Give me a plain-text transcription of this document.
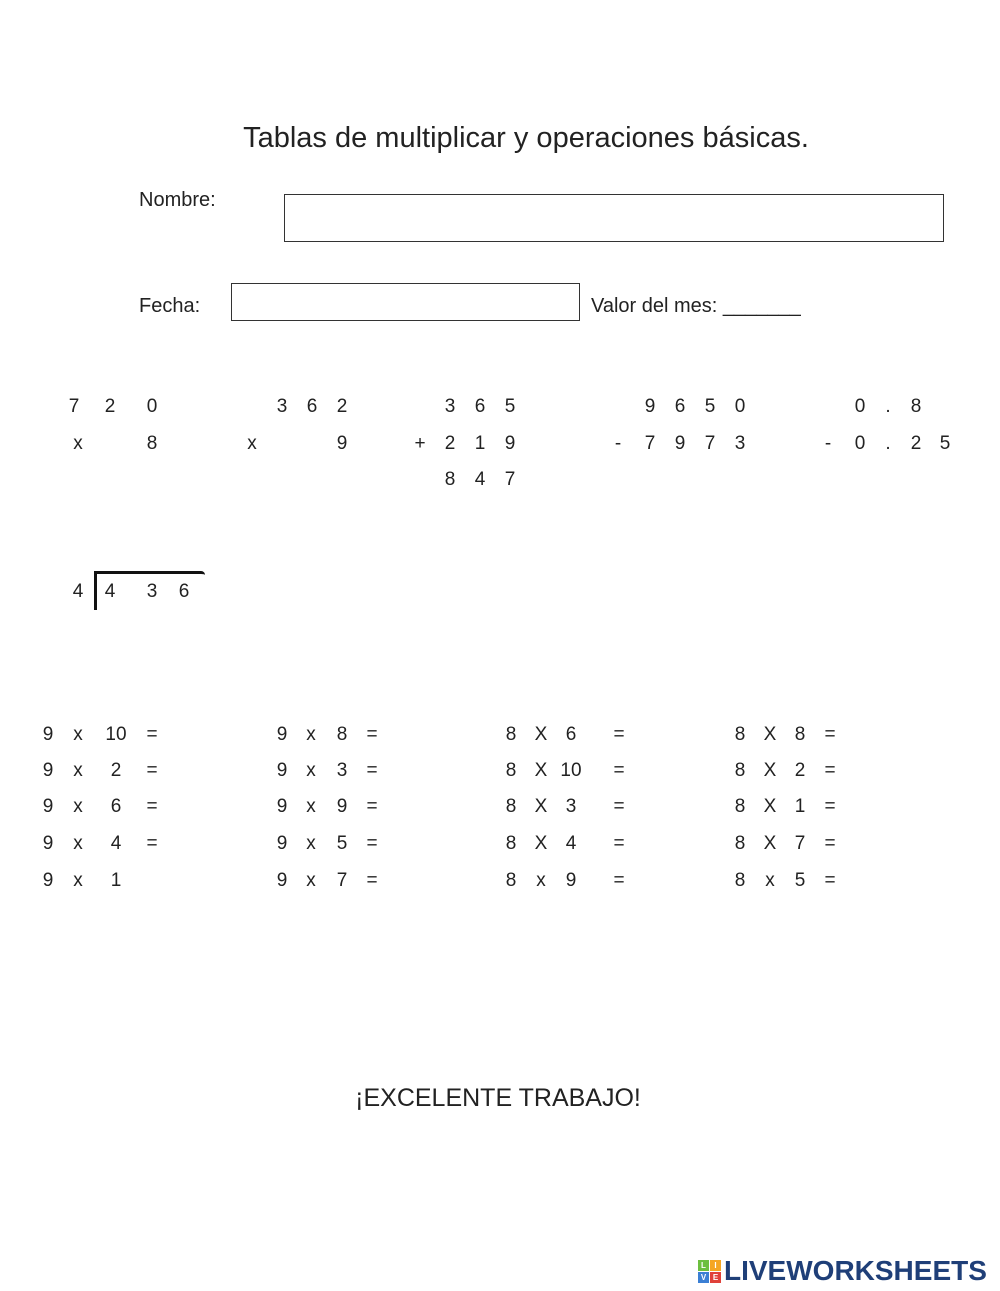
Tablas de multiplicar y operaciones básicas.
Nombre:
Fecha:	Valor del mes: _______
7 2 0
x	8
3 6 2
x	9
3 6 5
+ 2 1 9
8 4 7
9 6 5 0
- 7 9 7 3
0 . 8
- 0 . 2 5
4 4 3 6
9 x 10 =
9 x 2 =
9 x 6 =
9 x 4 =
9 x 1
9 x 8 =
9 x 3 =
9 x 9 =
9 x 5 =
9 x 7 =
8 X 6 =
8 X 10 =
8 X 3 =
8 X 4 =
8 x 9 =
8 X 8 =
8 X 2 =
8 X 1 =
8 X 7 =
8 x 5 =
¡EXCELENTE TRABAJO!
L	I
V E LIVEWORKSHEETS
